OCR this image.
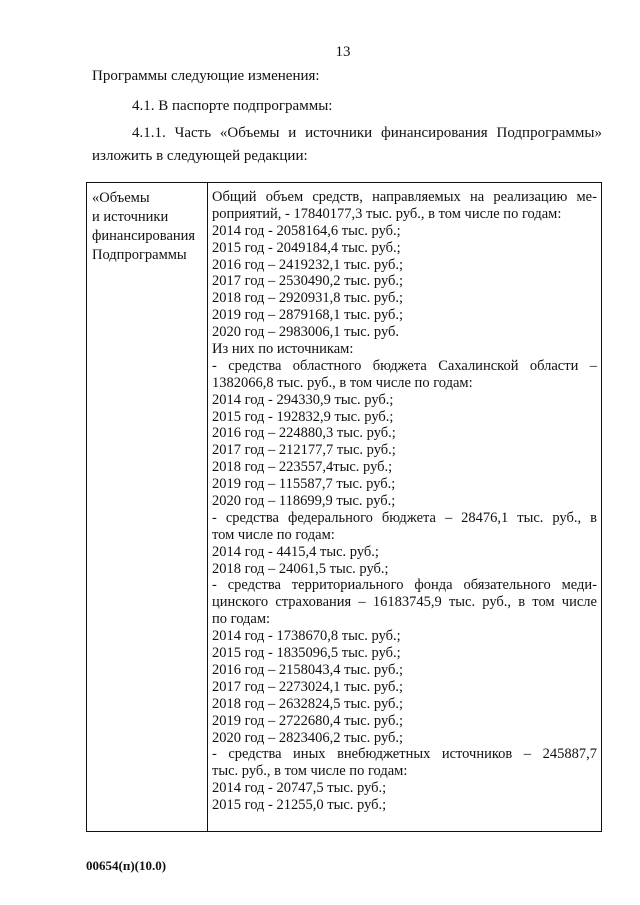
13
Программы следующие изменения:
4.1. В паспорте подпрограммы:
4.1.1. Часть «Объемы и источники финансирования Подпрограммы»
изложить в следующей редакции:
«Объемы
и источники
финансирования
Подпрограммы
Общий объем средств, направляемых на реализацию ме-
роприятий, - 17840177,3 тыс. руб., в том числе по годам:
2014 год - 2058164,6 тыс. руб.;
2015 год - 2049184,4 тыс. руб.;
2016 год – 2419232,1 тыс. руб.;
2017 год – 2530490,2 тыс. руб.;
2018 год – 2920931,8 тыс. руб.;
2019 год – 2879168,1 тыс. руб.;
2020 год – 2983006,1 тыс. руб.
Из них по источникам:
- средства областного бюджета Сахалинской области –
1382066,8 тыс. руб., в том числе по годам:
2014 год - 294330,9 тыс. руб.;
2015 год - 192832,9 тыс. руб.;
2016 год – 224880,3 тыс. руб.;
2017 год – 212177,7 тыс. руб.;
2018 год – 223557,4тыс. руб.;
2019 год – 115587,7 тыс. руб.;
2020 год – 118699,9 тыс. руб.;
- средства федерального бюджета – 28476,1 тыс. руб., в
том числе по годам:
2014 год - 4415,4 тыс. руб.;
2018 год – 24061,5 тыс. руб.;
- средства территориального фонда обязательного меди-
цинского страхования – 16183745,9 тыс. руб., в том числе
по годам:
2014 год - 1738670,8 тыс. руб.;
2015 год - 1835096,5 тыс. руб.;
2016 год – 2158043,4 тыс. руб.;
2017 год – 2273024,1 тыс. руб.;
2018 год – 2632824,5 тыс. руб.;
2019 год – 2722680,4 тыс. руб.;
2020 год – 2823406,2 тыс. руб.;
- средства иных внебюджетных источников – 245887,7
тыс. руб., в том числе по годам:
2014 год - 20747,5 тыс. руб.;
2015 год - 21255,0 тыс. руб.;
00654(п)(10.0)
